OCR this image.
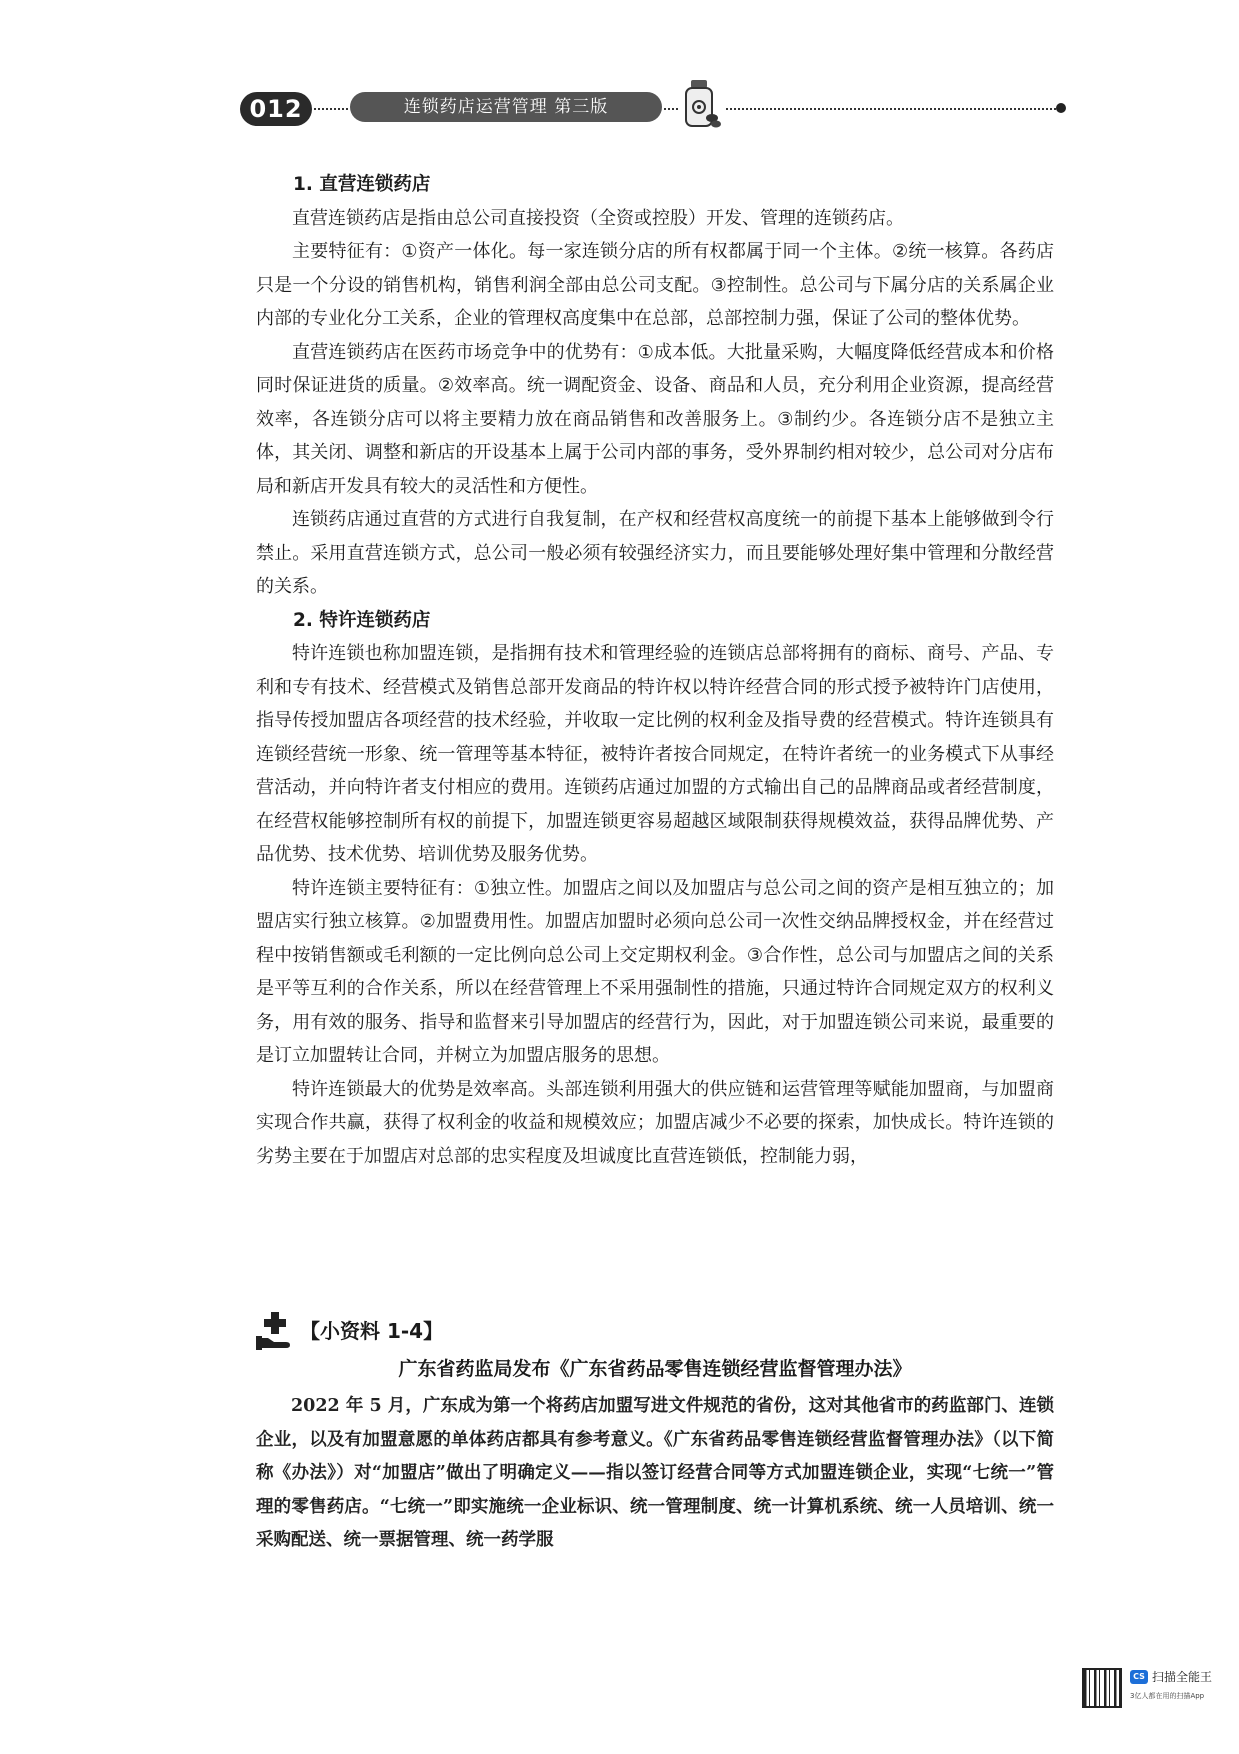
012	连锁药店运营管理 第三版
1. 直营连锁药店

直营连锁药店是指由总公司直接投资（全资或控股）开发、管理的连锁药店。

主要特征有：①资产一体化。每一家连锁分店的所有权都属于同一个主体。②统一核算。各药店只是一个分设的销售机构，销售利润全部由总公司支配。③控制性。总公司与下属分店的关系属企业内部的专业化分工关系，企业的管理权高度集中在总部，总部控制力强，保证了公司的整体优势。

直营连锁药店在医药市场竞争中的优势有：①成本低。大批量采购，大幅度降低经营成本和价格同时保证进货的质量。②效率高。统一调配资金、设备、商品和人员，充分利用企业资源，提高经营效率，各连锁分店可以将主要精力放在商品销售和改善服务上。③制约少。各连锁分店不是独立主体，其关闭、调整和新店的开设基本上属于公司内部的事务，受外界制约相对较少，总公司对分店布局和新店开发具有较大的灵活性和方便性。

连锁药店通过直营的方式进行自我复制，在产权和经营权高度统一的前提下基本上能够做到令行禁止。采用直营连锁方式，总公司一般必须有较强经济实力，而且要能够处理好集中管理和分散经营的关系。

2. 特许连锁药店

特许连锁也称加盟连锁，是指拥有技术和管理经验的连锁店总部将拥有的商标、商号、产品、专利和专有技术、经营模式及销售总部开发商品的特许权以特许经营合同的形式授予被特许门店使用，指导传授加盟店各项经营的技术经验，并收取一定比例的权利金及指导费的经营模式。特许连锁具有连锁经营统一形象、统一管理等基本特征，被特许者按合同规定，在特许者统一的业务模式下从事经营活动，并向特许者支付相应的费用。连锁药店通过加盟的方式输出自己的品牌商品或者经营制度，在经营权能够控制所有权的前提下，加盟连锁更容易超越区域限制获得规模效益，获得品牌优势、产品优势、技术优势、培训优势及服务优势。

特许连锁主要特征有：①独立性。加盟店之间以及加盟店与总公司之间的资产是相互独立的；加盟店实行独立核算。②加盟费用性。加盟店加盟时必须向总公司一次性交纳品牌授权金，并在经营过程中按销售额或毛利额的一定比例向总公司上交定期权利金。③合作性，总公司与加盟店之间的关系是平等互利的合作关系，所以在经营管理上不采用强制性的措施，只通过特许合同规定双方的权利义务，用有效的服务、指导和监督来引导加盟店的经营行为，因此，对于加盟连锁公司来说，最重要的是订立加盟转让合同，并树立为加盟店服务的思想。

特许连锁最大的优势是效率高。头部连锁利用强大的供应链和运营管理等赋能加盟商，与加盟商实现合作共赢，获得了权利金的收益和规模效应；加盟店减少不必要的探索，加快成长。特许连锁的劣势主要在于加盟店对总部的忠实程度及坦诚度比直营连锁低，控制能力弱，

【小资料 1-4】
广东省药监局发布《广东省药品零售连锁经营监督管理办法》

2022 年 5 月，广东成为第一个将药店加盟写进文件规范的省份，这对其他省市的药监部门、连锁企业，以及有加盟意愿的单体药店都具有参考意义。《广东省药品零售连锁经营监督管理办法》（以下简称《办法》）对“加盟店”做出了明确定义——指以签订经营合同等方式加盟连锁企业，实现“七统一”管理的零售药店。“七统一”即实施统一企业标识、统一管理制度、统一计算机系统、统一人员培训、统一采购配送、统一票据管理、统一药学服

CS 扫描全能王
3亿人都在用的扫描App
